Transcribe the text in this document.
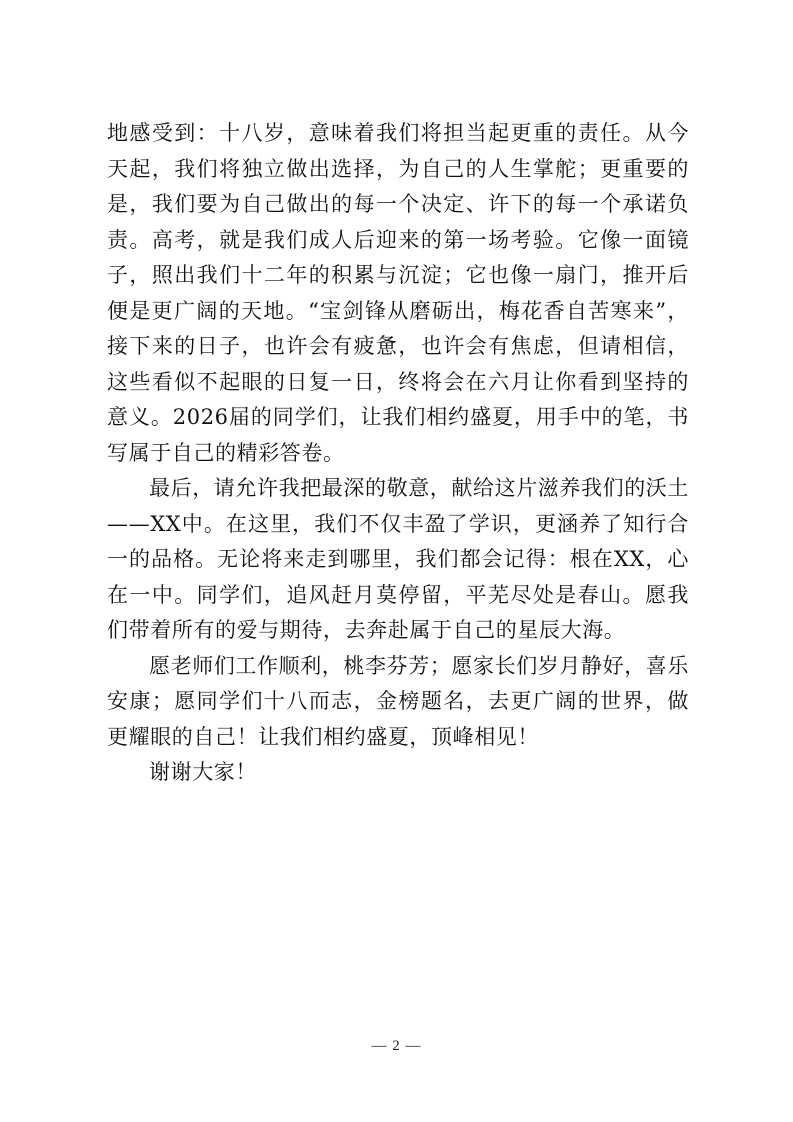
地感受到：十八岁，意味着我们将担当起更重的责任。从今天起，我们将独立做出选择，为自己的人生掌舵；更重要的是，我们要为自己做出的每一个决定、许下的每一个承诺负责。高考，就是我们成人后迎来的第一场考验。它像一面镜子，照出我们十二年的积累与沉淀；它也像一扇门，推开后便是更广阔的天地。“宝剑锋从磨砺出，梅花香自苦寒来”，接下来的日子，也许会有疲惫，也许会有焦虑，但请相信，这些看似不起眼的日复一日，终将会在六月让你看到坚持的意义。2026届的同学们，让我们相约盛夏，用手中的笔，书写属于自己的精彩答卷。

最后，请允许我把最深的敬意，献给这片滋养我们的沃土——XX中。在这里，我们不仅丰盈了学识，更涵养了知行合一的品格。无论将来走到哪里，我们都会记得：根在XX，心在一中。同学们，追风赶月莫停留，平芜尽处是春山。愿我们带着所有的爱与期待，去奔赴属于自己的星辰大海。

愿老师们工作顺利，桃李芬芳；愿家长们岁月静好，喜乐安康；愿同学们十八而志，金榜题名，去更广阔的世界，做更耀眼的自己！让我们相约盛夏，顶峰相见！

谢谢大家！

— 2 —
